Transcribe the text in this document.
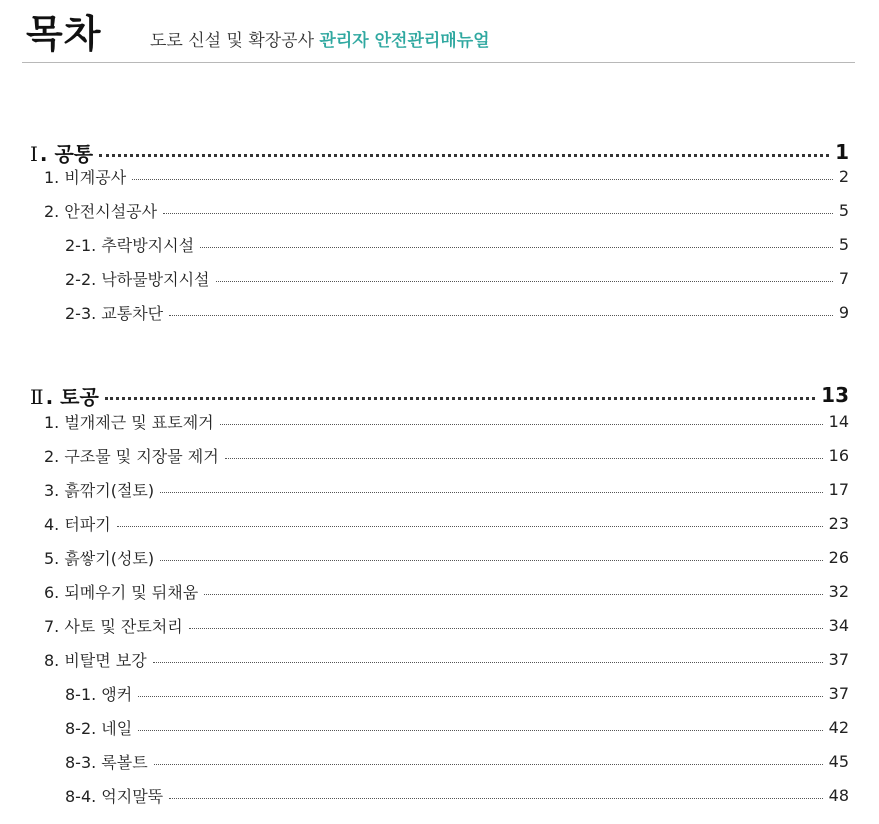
목차	도로 신설 및 확장공사 관리자 안전관리매뉴얼
Ⅰ . 공통	1
1. 비계공사	2
2. 안전시설공사	5
2-1. 추락방지시설	5
2-2. 낙하물방지시설	7
2-3. 교통차단	9
Ⅱ . 토공	13
1. 벌개제근 및 표토제거	14
2. 구조물 및 지장물 제거	16
3. 흙깎기(절토)	17
4. 터파기	23
5. 흙쌓기(성토)	26
6. 되메우기 및 뒤채움	32
7. 사토 및 잔토처리	34
8. 비탈면 보강	37
8-1. 앵커	37
8-2. 네일	42
8-3. 록볼트	45
8-4. 억지말뚝	48
